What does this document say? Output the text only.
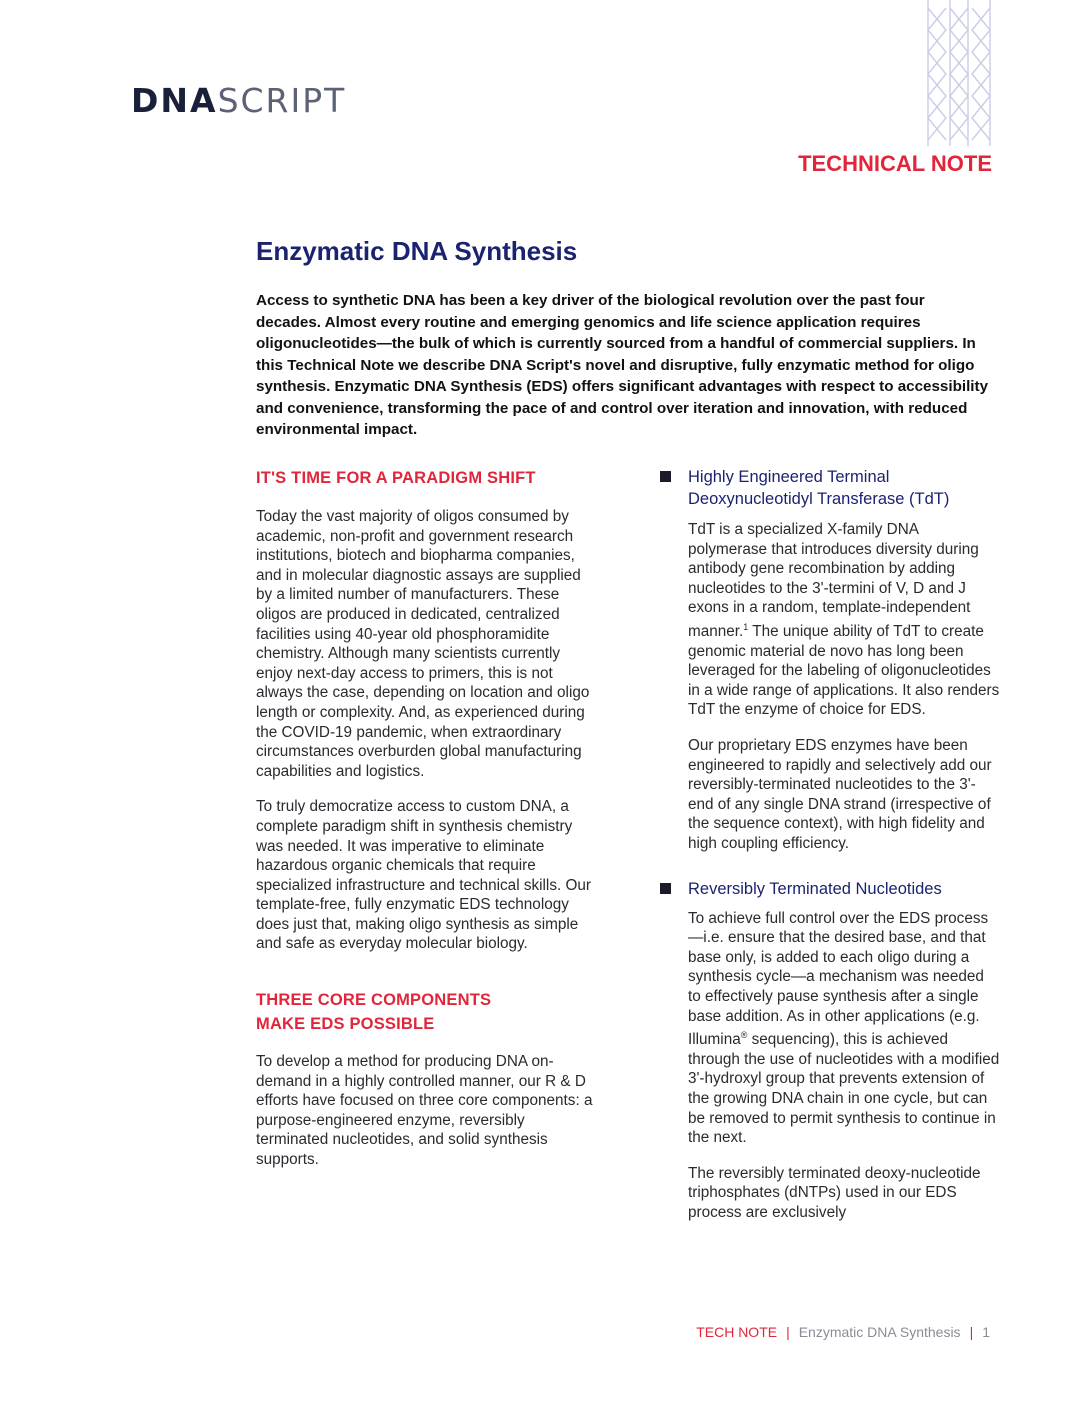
DNASCRIPT
TECHNICAL NOTE
Enzymatic DNA Synthesis

Access to synthetic DNA has been a key driver of the biological revolution over the past four decades. Almost every routine and emerging genomics and life science application requires oligonucleotides—the bulk of which is currently sourced from a handful of commercial suppliers. In this Technical Note we describe DNA Script's novel and disruptive, fully enzymatic method for oligo synthesis. Enzymatic DNA Synthesis (EDS) offers significant advantages with respect to accessibility and convenience, transforming the pace of and control over iteration and innovation, with reduced environmental impact.

IT'S TIME FOR A PARADIGM SHIFT

Today the vast majority of oligos consumed by academic, non-profit and government research institutions, biotech and biopharma companies, and in molecular diagnostic assays are supplied by a limited number of manufacturers. These oligos are produced in dedicated, centralized facilities using 40-year old phosphoramidite chemistry. Although many scientists currently enjoy next-day access to primers, this is not always the case, depending on location and oligo length or complexity. And, as experienced during the COVID-19 pandemic, when extraordinary circumstances overburden global manufacturing capabilities and logistics.

To truly democratize access to custom DNA, a complete paradigm shift in synthesis chemistry was needed. It was imperative to eliminate hazardous organic chemicals that require specialized infrastructure and technical skills. Our template-free, fully enzymatic EDS technology does just that, making oligo synthesis as simple and safe as everyday molecular biology.

THREE CORE COMPONENTS MAKE EDS POSSIBLE

To develop a method for producing DNA on-demand in a highly controlled manner, our R & D efforts have focused on three core components: a purpose-engineered enzyme, reversibly terminated nucleotides, and solid synthesis supports.

Highly Engineered Terminal Deoxynucleotidyl Transferase (TdT)

TdT is a specialized X-family DNA polymerase that introduces diversity during antibody gene recombination by adding nucleotides to the 3'-termini of V, D and J exons in a random, template-independent manner.$^1$ The unique ability of TdT to create genomic material de novo has long been leveraged for the labeling of oligonucleotides in a wide range of applications. It also renders TdT the enzyme of choice for EDS.

Our proprietary EDS enzymes have been engineered to rapidly and selectively add our reversibly-terminated nucleotides to the 3'-end of any single DNA strand (irrespective of the sequence context), with high fidelity and high coupling efficiency.

Reversibly Terminated Nucleotides

To achieve full control over the EDS process—i.e. ensure that the desired base, and that base only, is added to each oligo during a synthesis cycle—a mechanism was needed to effectively pause synthesis after a single base addition. As in other applications (e.g. Illumina® sequencing), this is achieved through the use of nucleotides with a modified 3'-hydroxyl group that prevents extension of the growing DNA chain in one cycle, but can be removed to permit synthesis to continue in the next.

The reversibly terminated deoxy-nucleotide triphosphates (dNTPs) used in our EDS process are exclusively

TECH NOTE | Enzymatic DNA Synthesis | 1
